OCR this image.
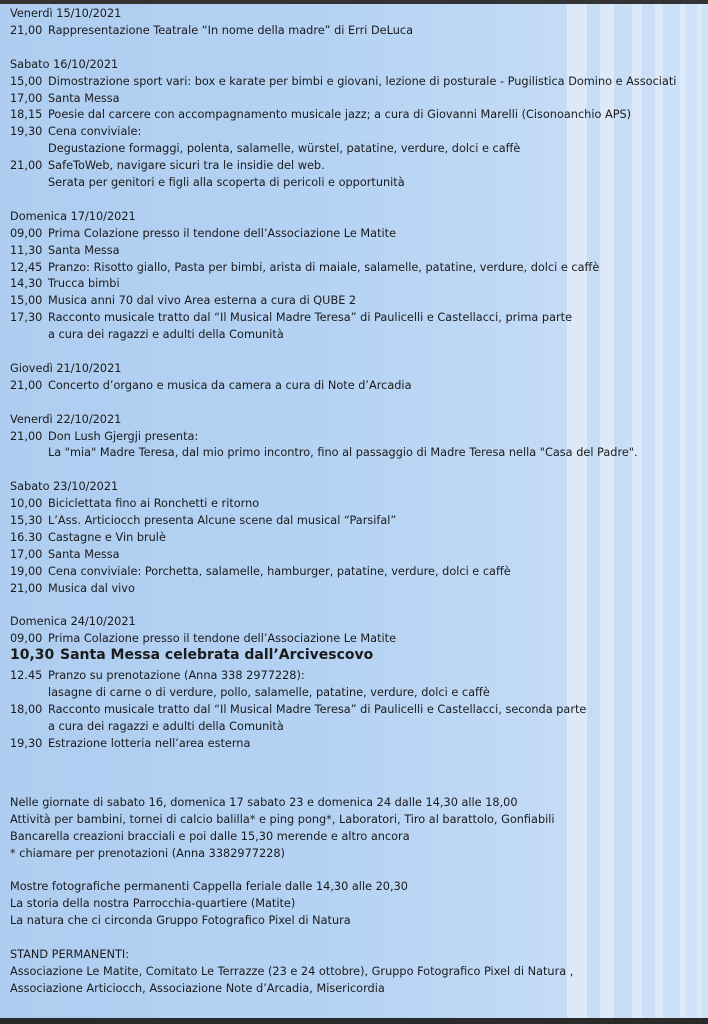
Venerdì 15/10/2021
21,00 Rappresentazione Teatrale “In nome della madre” di Erri DeLuca
Sabato 16/10/2021
15,00 Dimostrazione sport vari: box e karate per bimbi e giovani, lezione di posturale - Pugilistica Domino e Associati
17,00 Santa Messa
18,15 Poesie dal carcere con accompagnamento musicale jazz; a cura di Giovanni Marelli (Cisonoanchio APS)
19,30 Cena conviviale:
Degustazione formaggi, polenta, salamelle, würstel, patatine, verdure, dolci e caffè
21,00 SafeToWeb, navigare sicuri tra le insidie del web.
Serata per genitori e figli alla scoperta di pericoli e opportunità
Domenica 17/10/2021
09,00 Prima Colazione presso il tendone dell’Associazione Le Matite
11,30 Santa Messa
12,45 Pranzo: Risotto giallo, Pasta per bimbi, arista di maiale, salamelle, patatine, verdure, dolci e caffè
14,30 Trucca bimbi
15,00 Musica anni 70 dal vivo Area esterna a cura di QUBE 2
17,30 Racconto musicale tratto dal “Il Musical Madre Teresa” di Paulicelli e Castellacci, prima parte
a cura dei ragazzi e adulti della Comunità
Giovedì 21/10/2021
21,00 Concerto d’organo e musica da camera a cura di Note d’Arcadia
Venerdì 22/10/2021
21,00 Don Lush Gjergji presenta:
La "mia" Madre Teresa, dal mio primo incontro, fino al passaggio di Madre Teresa nella "Casa del Padre".
Sabato 23/10/2021
10,00 Biciclettata fino ai Ronchetti e ritorno
15,30 L’Ass. Articiocch presenta Alcune scene dal musical “Parsifal”
16.30 Castagne e Vin brulè
17,00 Santa Messa
19,00 Cena conviviale: Porchetta, salamelle, hamburger, patatine, verdure, dolci e caffè
21,00 Musica dal vivo
Domenica 24/10/2021
09,00 Prima Colazione presso il tendone dell’Associazione Le Matite
10,30 Santa Messa celebrata dall’Arcivescovo
12.45 Pranzo su prenotazione (Anna 338 2977228):
lasagne di carne o di verdure, pollo, salamelle, patatine, verdure, dolci e caffè
18,00 Racconto musicale tratto dal “Il Musical Madre Teresa” di Paulicelli e Castellacci, seconda parte
a cura dei ragazzi e adulti della Comunità
19,30 Estrazione lotteria nell’area esterna
Nelle giornate di sabato 16, domenica 17 sabato 23 e domenica 24 dalle 14,30 alle 18,00
Attività per bambini, tornei di calcio balilla* e ping pong*, Laboratori, Tiro al barattolo, Gonfiabili
Bancarella creazioni bracciali e poi dalle 15,30 merende e altro ancora
* chiamare per prenotazioni (Anna 3382977228)
Mostre fotografiche permanenti Cappella feriale dalle 14,30 alle 20,30
La storia della nostra Parrocchia-quartiere (Matite)
La natura che ci circonda Gruppo Fotografico Pixel di Natura
STAND PERMANENTI:
Associazione Le Matite, Comitato Le Terrazze (23 e 24 ottobre), Gruppo Fotografico Pixel di Natura ,
Associazione Articiocch, Associazione Note d’Arcadia, Misericordia
